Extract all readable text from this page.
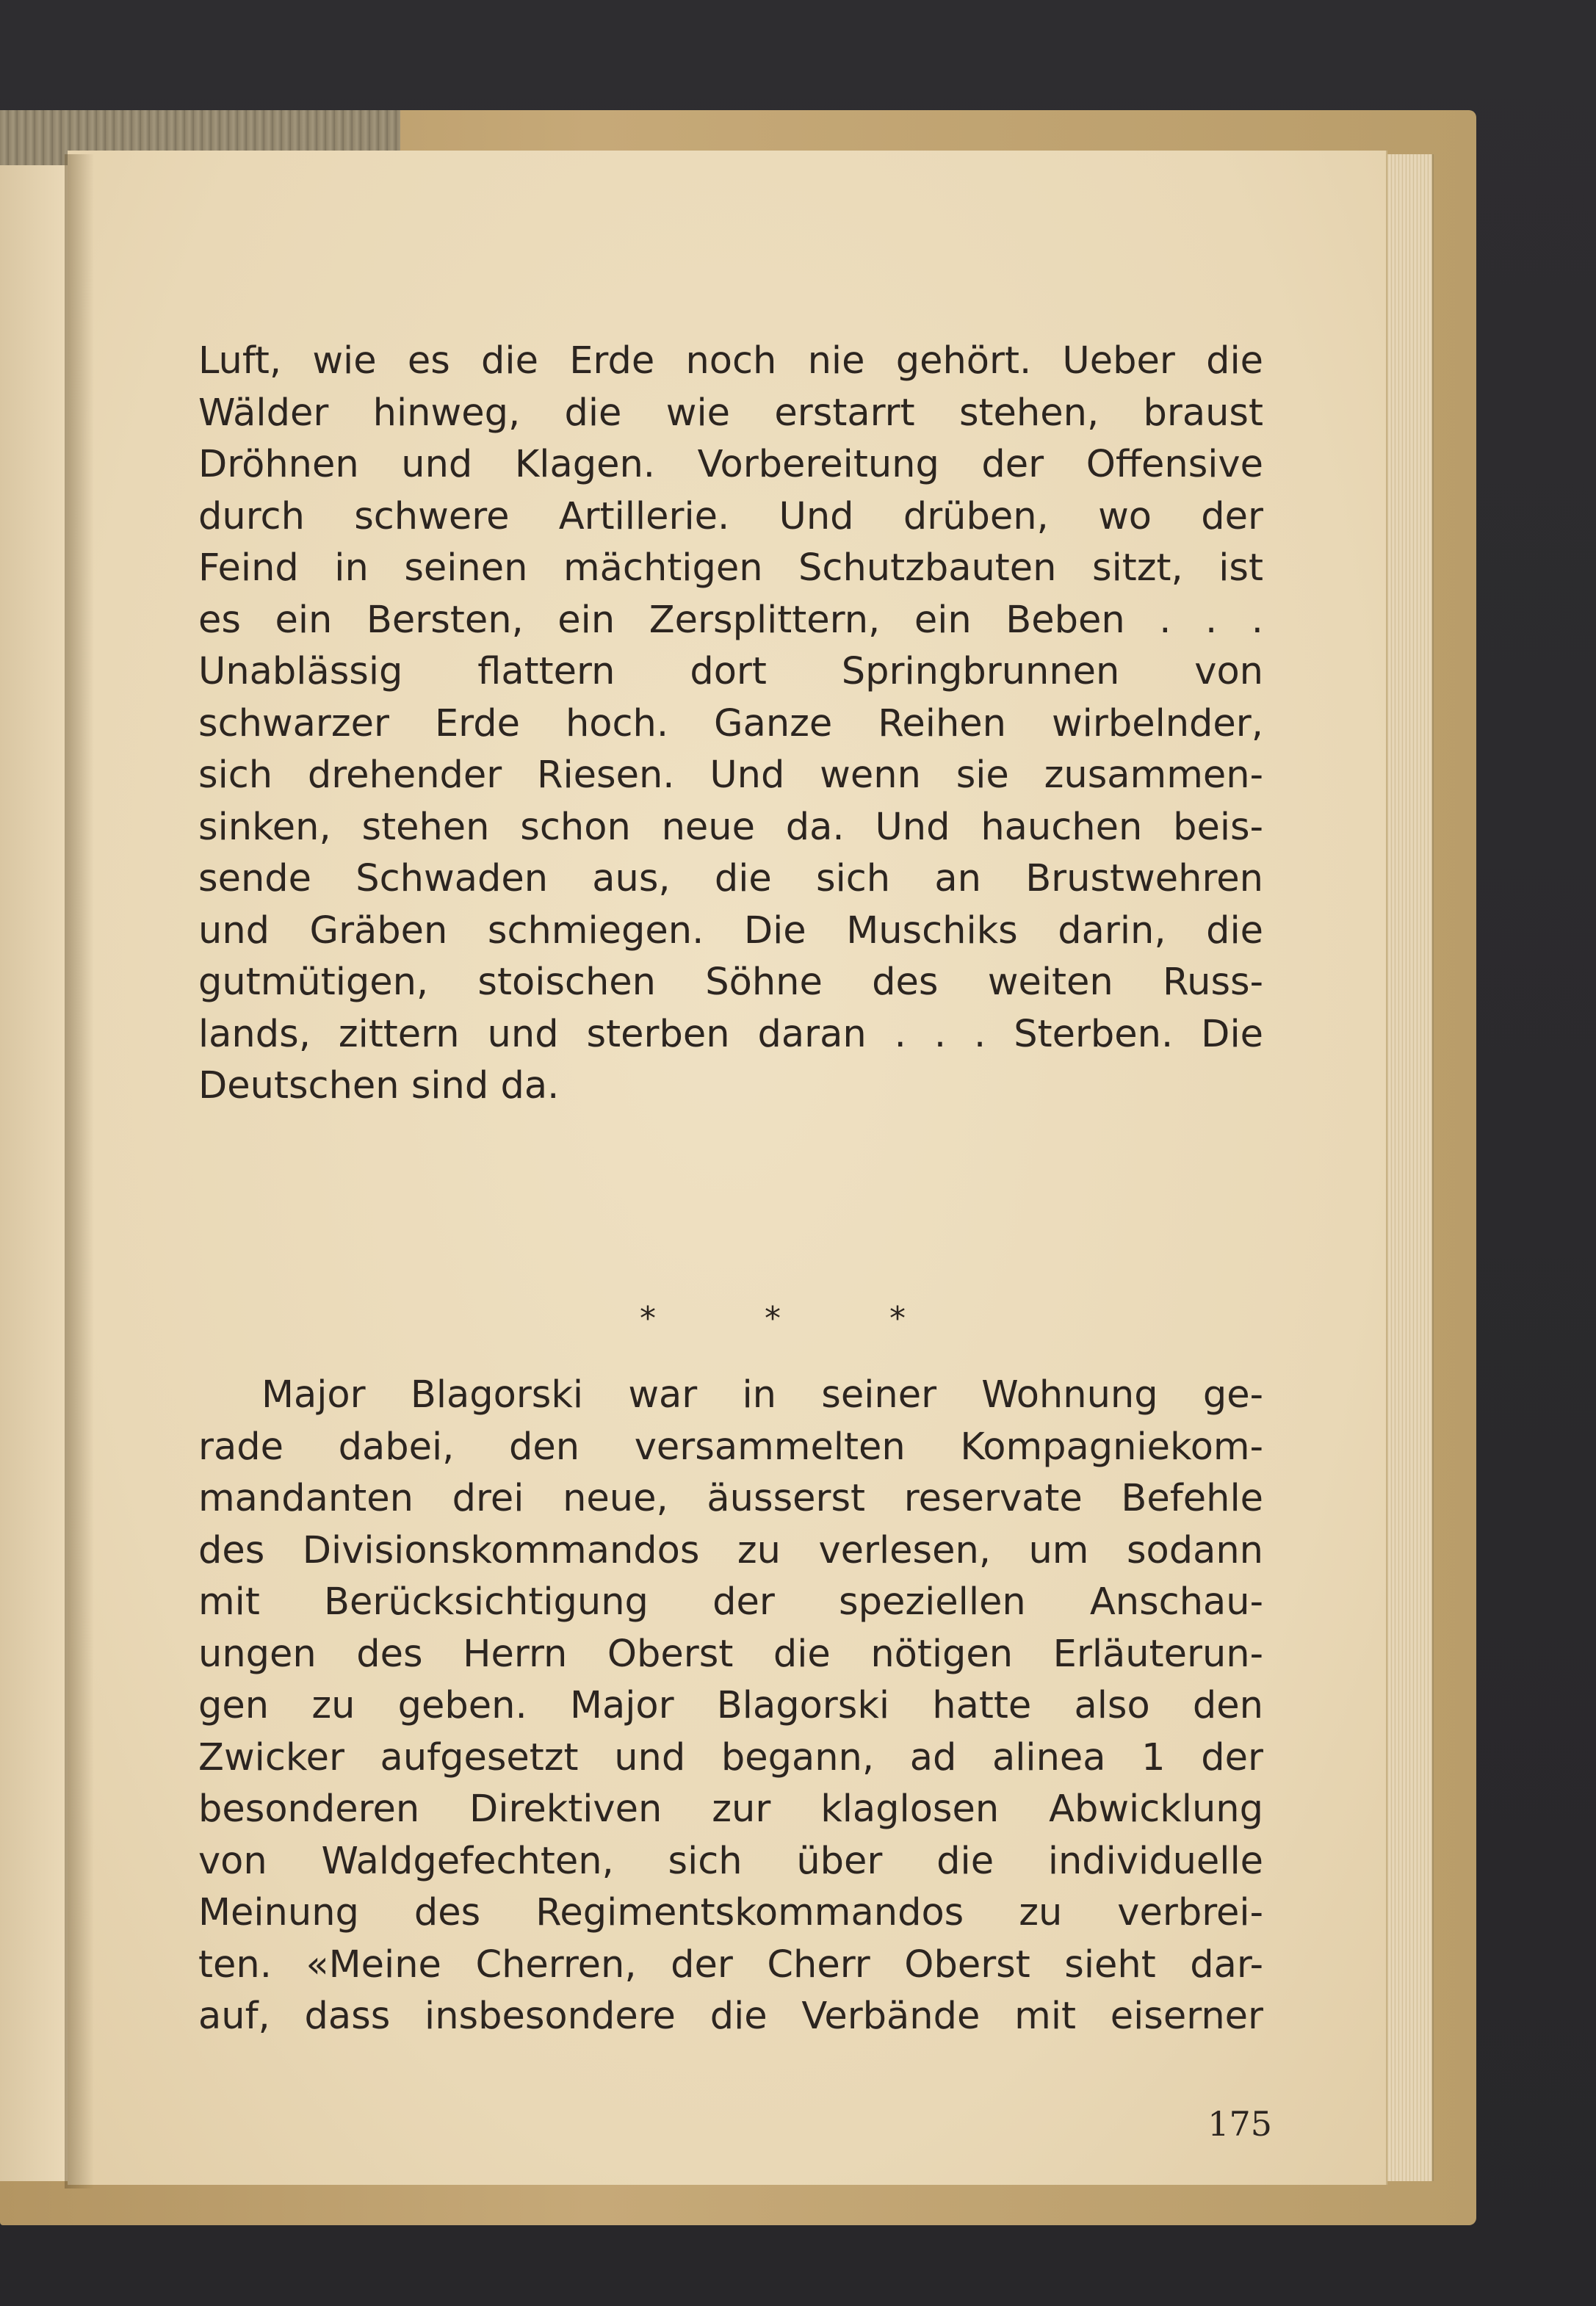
Luft, wie es die Erde noch nie gehört. Ueber die
Wälder hinweg, die wie erstarrt stehen, braust
Dröhnen und Klagen. Vorbereitung der Offensive
durch schwere Artillerie. Und drüben, wo der
Feind in seinen mächtigen Schutzbauten sitzt, ist
es ein Bersten, ein Zersplittern, ein Beben . . .
Unablässig flattern dort Springbrunnen von
schwarzer Erde hoch. Ganze Reihen wirbelnder,
sich drehender Riesen. Und wenn sie zusammen-
sinken, stehen schon neue da. Und hauchen beis-
sende Schwaden aus, die sich an Brustwehren
und Gräben schmiegen. Die Muschiks darin, die
gutmütigen, stoischen Söhne des weiten Russ-
lands, zittern und sterben daran . . . Sterben. Die
Deutschen sind da.
*	*	*
Major Blagorski war in seiner Wohnung ge-
rade dabei, den versammelten Kompagniekom-
mandanten drei neue, äusserst reservate Befehle
des Divisionskommandos zu verlesen, um sodann
mit Berücksichtigung der speziellen Anschau-
ungen des Herrn Oberst die nötigen Erläuterun-
gen zu geben. Major Blagorski hatte also den
Zwicker aufgesetzt und begann, ad alinea 1 der
besonderen Direktiven zur klaglosen Abwicklung
von Waldgefechten, sich über die individuelle
Meinung des Regimentskommandos zu verbrei-
ten. «Meine Cherren, der Cherr Oberst sieht dar-
auf, dass insbesondere die Verbände mit eiserner
175
